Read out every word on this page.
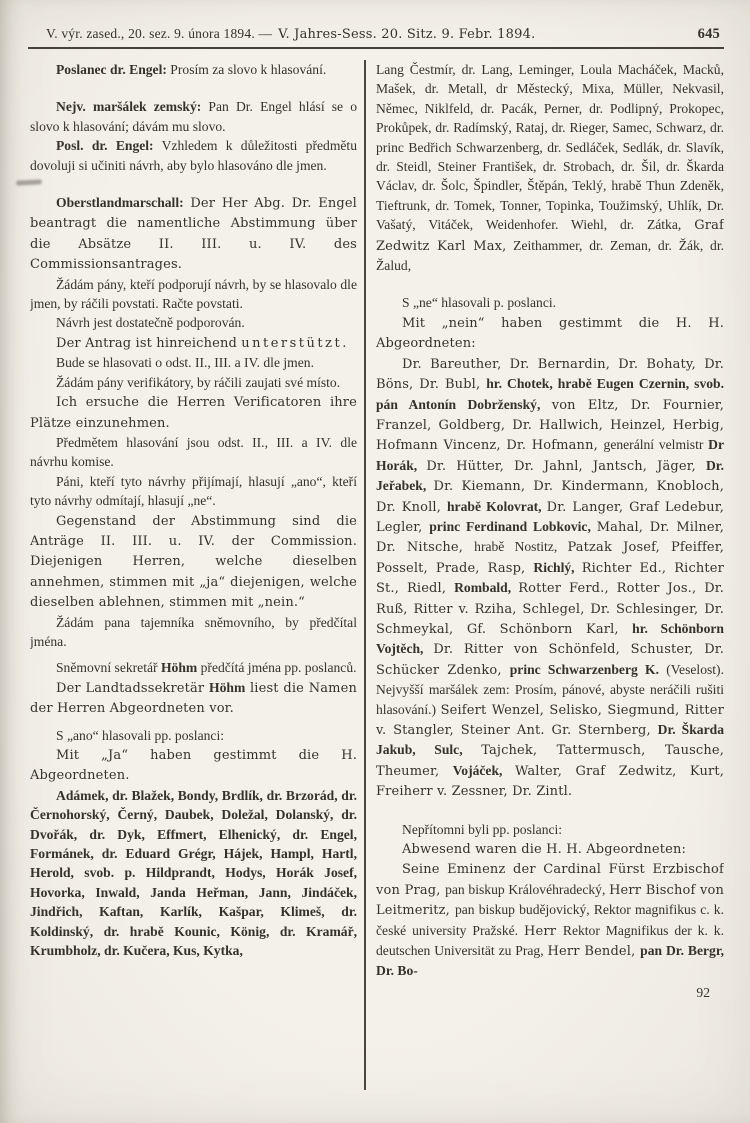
V. výr. zased., 20. sez. 9. února 1894. — V. Jahres-Sess. 20. Sitz. 9. Febr. 1894.	645

Poslanec dr. Engel: Prosím za slovo k hlasování.

Nejv. maršálek zemský: Pan Dr. Engel hlásí se o slovo k hlasování; dávám mu slovo.

Posl. dr. Engel: Vzhledem k důležitosti předmětu dovoluji si učiniti návrh, aby bylo hlasováno dle jmen.

Oberstlandmarschall: Der Her Abg. Dr. Engel beantragt die namentliche Abstimmung über die Absätze II. III. u. IV. des Commissionsantrages.

Žádám pány, kteří podporují návrh, by se hlasovalo dle jmen, by ráčili povstati. Račte povstati.

Návrh jest dostatečně podporován.

Der Antrag ist hinreichend unterstützt.

Bude se hlasovati o odst. II., III. a IV. dle jmen.

Žádám pány verifikátory, by ráčili zaujati své místo.

Ich ersuche die Herren Verificatoren ihre Plätze einzunehmen.

Předmětem hlasování jsou odst. II., III. a IV. dle návrhu komise.

Páni, kteří tyto návrhy přijímají, hlasují „ano“, kteří tyto návrhy odmítají, hlasují „ne“.

Gegenstand der Abstimmung sind die Anträge II. III. u. IV. der Commission. Diejenigen Herren, welche dieselben annehmen, stimmen mit „ja“ diejenigen, welche dieselben ablehnen, stimmen mit „nein.“

Žádám pana tajemníka sněmovního, by předčítal jména.

Sněmovní sekretář Höhm předčítá jména pp. poslanců.

Der Landtadssekretär Höhm liest die Namen der Herren Abgeordneten vor.

S „ano“ hlasovali pp. poslanci:

Mit „Ja“ haben gestimmt die H. Abgeordneten.

Adámek, dr. Blažek, Bondy, Brdlík, dr. Brzorád, dr. Černohorský, Černý, Daubek, Doležal, Dolanský, dr. Dvořák, dr. Dyk, Effmert, Elhenický, dr. Engel, Formánek, dr. Eduard Grégr, Hájek, Hampl, Hartl, Herold, svob. p. Hildprandt, Hodys, Horák Josef, Hovorka, Inwald, Janda Heřman, Jann, Jindáček, Jindřich, Kaftan, Karlík, Kašpar, Klimeš, dr. Koldinský, dr. hrabě Kounic, König, dr. Kramář, Krumbholz, dr. Kučera, Kus, Kytka,

Lang Čestmír, dr. Lang, Leminger, Loula Macháček, Macků, Mašek, dr. Metall, dr Městecký, Mixa, Müller, Nekvasil, Němec, Niklfeld, dr. Pacák, Perner, dr. Podlipný, Prokopec, Prokůpek, dr. Radímský, Rataj, dr. Rieger, Samec, Schwarz, dr. princ Bedřich Schwarzenberg, dr. Sedláček, Sedlák, dr. Slavík, dr. Steidl, Steiner František, dr. Strobach, dr. Šil, dr. Škarda Václav, dr. Šolc, Špindler, Štěpán, Teklý, hrabě Thun Zdeněk, Tieftrunk, dr. Tomek, Tonner, Topinka, Toužimský, Uhlík, Dr. Vašatý, Vitáček, Weidenhofer. Wiehl, dr. Zátka, Graf Zedwitz Karl Max, Zeithammer, dr. Zeman, dr. Žák, dr. Žalud,

S „ne“ hlasovali p. poslanci.

Mit „nein“ haben gestimmt die H. H. Abgeordneten:

Dr. Bareuther, Dr. Bernardin, Dr. Bohaty, Dr. Böns, Dr. Bubl, hr. Chotek, hrabě Eugen Czernin, svob. pán Antonín Dobrženský, von Eltz, Dr. Fournier, Franzel, Goldberg, Dr. Hallwich, Heinzel, Herbig, Hofmann Vincenz, Dr. Hofmann, generální velmistr Dr Horák, Dr. Hütter, Dr. Jahnl, Jantsch, Jäger, Dr. Jeřabek, Dr. Kiemann, Dr. Kindermann, Knobloch, Dr. Knoll, hrabě Kolovrat, Dr. Langer, Graf Ledebur, Legler, princ Ferdinand Lobkovic, Mahal, Dr. Milner, Dr. Nitsche, hrabě Nostitz, Patzak Josef, Pfeiffer, Posselt, Prade, Rasp, Richlý, Richter Ed., Richter St., Riedl, Rombald, Rotter Ferd., Rotter Jos., Dr. Ruß, Ritter v. Rziha, Schlegel, Dr. Schlesinger, Dr. Schmeykal, Gf. Schönborn Karl, hr. Schönborn Vojtěch, Dr. Ritter von Schönfeld, Schuster, Dr. Schücker Zdenko, princ Schwarzenberg K. (Veselost). Nejvyšší maršálek zem: Prosím, pánové, abyste neráčili rušiti hlasování.) Seifert Wenzel, Selisko, Siegmund, Ritter v. Stangler, Steiner Ant. Gr. Sternberg, Dr. Škarda Jakub, Sulc, Tajchek, Tattermusch, Tausche, Theumer, Vojáček, Walter, Graf Zedwitz, Kurt, Freiherr v. Zessner, Dr. Zintl.

Nepřítomni byli pp. poslanci:

Abwesend waren die H. H. Abgeordneten:

Seine Eminenz der Cardinal Fürst Erzbischof von Prag, pan biskup Královéhradecký, Herr Bischof von Leitmeritz, pan biskup budějovický, Rektor magnifikus c. k. české university Pražské. Herr Rektor Magnifikus der k. k. deutschen Universität zu Prag, Herr Bendel, pan Dr. Bergr, Dr. Bo-

92
